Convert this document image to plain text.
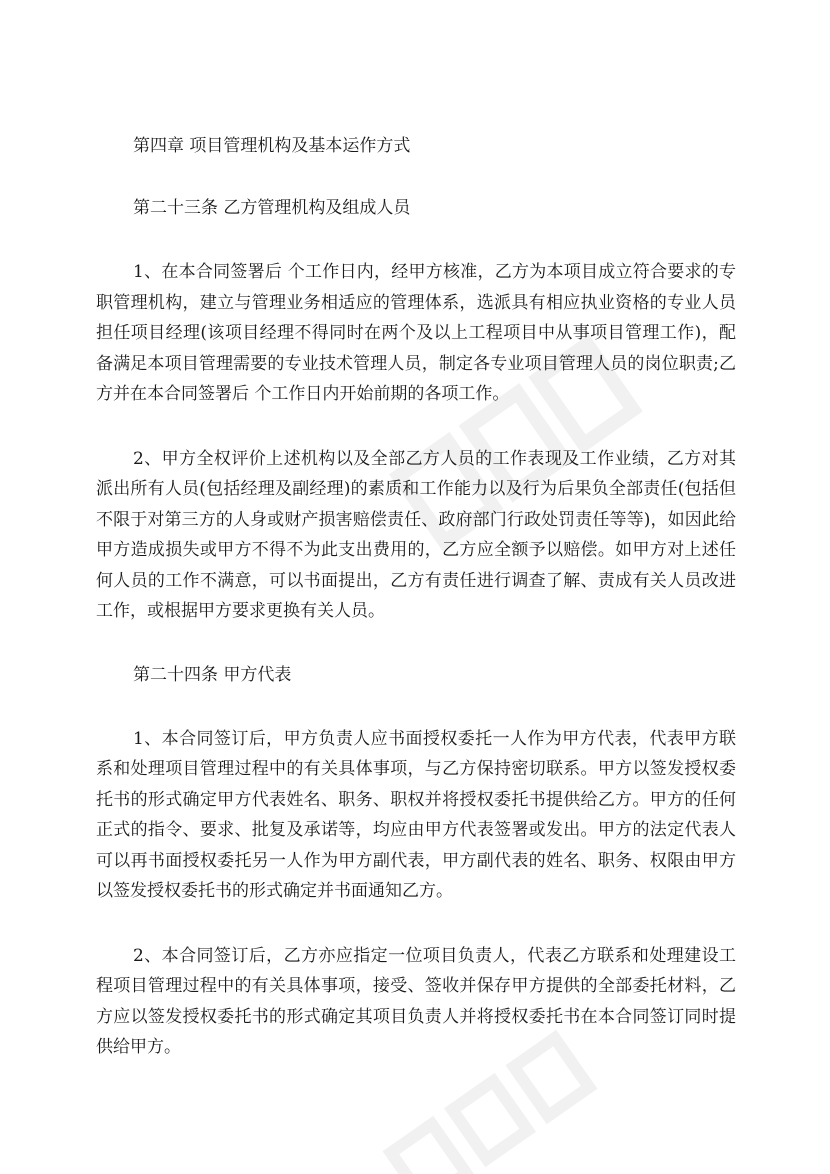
第四章 项目管理机构及基本运作方式

第二十三条 乙方管理机构及组成人员

1、在本合同签署后 个工作日内，经甲方核准，乙方为本项目成立符合要求的专职管理机构，建立与管理业务相适应的管理体系，选派具有相应执业资格的专业人员担任项目经理(该项目经理不得同时在两个及以上工程项目中从事项目管理工作)，配备满足本项目管理需要的专业技术管理人员，制定各专业项目管理人员的岗位职责;乙方并在本合同签署后 个工作日内开始前期的各项工作。

2、甲方全权评价上述机构以及全部乙方人员的工作表现及工作业绩，乙方对其派出所有人员(包括经理及副经理)的素质和工作能力以及行为后果负全部责任(包括但不限于对第三方的人身或财产损害赔偿责任、政府部门行政处罚责任等等)，如因此给甲方造成损失或甲方不得不为此支出费用的，乙方应全额予以赔偿。如甲方对上述任何人员的工作不满意，可以书面提出，乙方有责任进行调查了解、责成有关人员改进工作，或根据甲方要求更换有关人员。

第二十四条 甲方代表

1、本合同签订后，甲方负责人应书面授权委托一人作为甲方代表，代表甲方联系和处理项目管理过程中的有关具体事项，与乙方保持密切联系。甲方以签发授权委托书的形式确定甲方代表姓名、职务、职权并将授权委托书提供给乙方。甲方的任何正式的指令、要求、批复及承诺等，均应由甲方代表签署或发出。甲方的法定代表人可以再书面授权委托另一人作为甲方副代表，甲方副代表的姓名、职务、权限由甲方以签发授权委托书的形式确定并书面通知乙方。

2、本合同签订后，乙方亦应指定一位项目负责人，代表乙方联系和处理建设工程项目管理过程中的有关具体事项，接受、签收并保存甲方提供的全部委托材料，乙方应以签发授权委托书的形式确定其项目负责人并将授权委托书在本合同签订同时提供给甲方。
